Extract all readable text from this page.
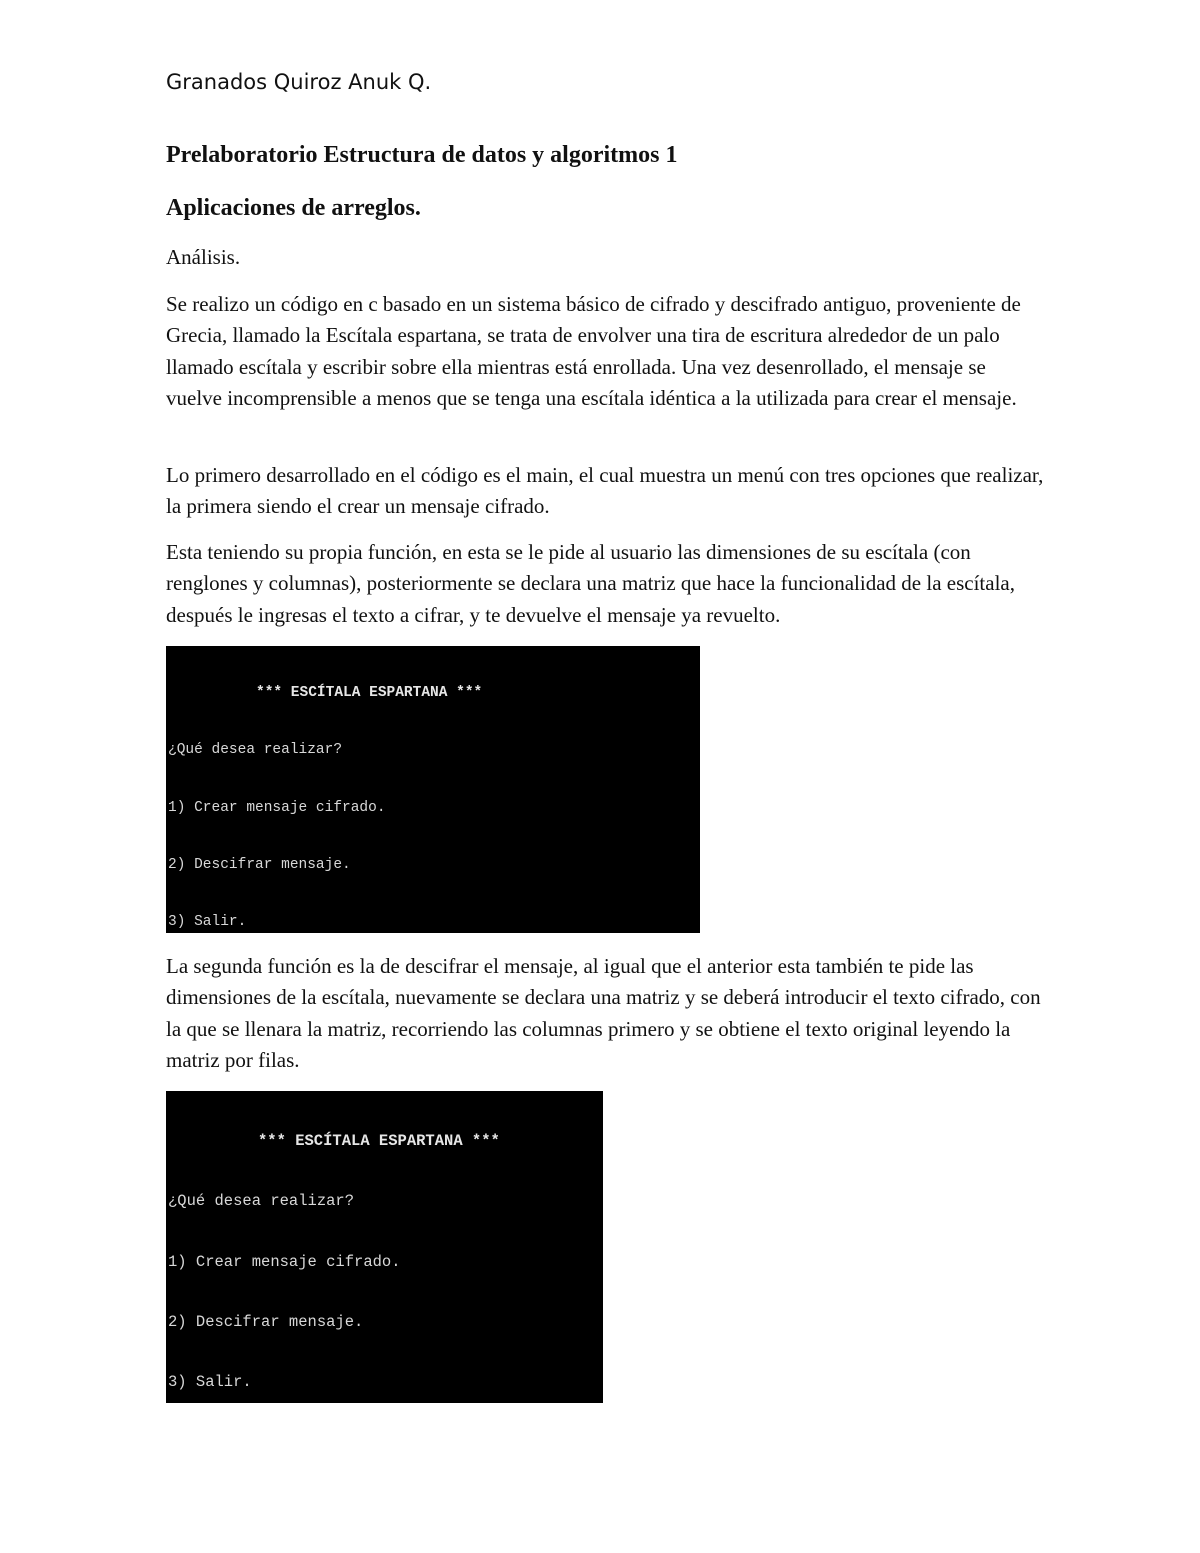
Granados Quiroz Anuk Q.
Prelaboratorio Estructura de datos y algoritmos 1
Aplicaciones de arreglos.

Análisis.

Se realizo un código en c basado en un sistema básico de cifrado y descifrado antiguo, proveniente de Grecia, llamado la Escítala espartana, se trata de envolver una tira de escritura alrededor de un palo llamado escítala y escribir sobre ella mientras está enrollada. Una vez desenrollado, el mensaje se vuelve incomprensible a menos que se tenga una escítala idéntica a la utilizada para crear el mensaje.

Lo primero desarrollado en el código es el main, el cual muestra un menú con tres opciones que realizar, la primera siendo el crear un mensaje cifrado.

Esta teniendo su propia función, en esta se le pide al usuario las dimensiones de su escítala (con renglones y columnas), posteriormente se declara una matriz que hace la funcionalidad de la escítala, después le ingresas el texto a cifrar, y te devuelve el mensaje ya revuelto.

*** ESCÍTALA ESPARTANA ***

¿Qué desea realizar?

1) Crear mensaje cifrado.

2) Descifrar mensaje.

3) Salir.

La segunda función es la de descifrar el mensaje, al igual que el anterior esta también te pide las dimensiones de la escítala, nuevamente se declara una matriz y se deberá introducir el texto cifrado, con la que se llenara la matriz, recorriendo las columnas primero y se obtiene el texto original leyendo la matriz por filas.

*** ESCÍTALA ESPARTANA ***

¿Qué desea realizar?

1) Crear mensaje cifrado.

2) Descifrar mensaje.

3) Salir.
